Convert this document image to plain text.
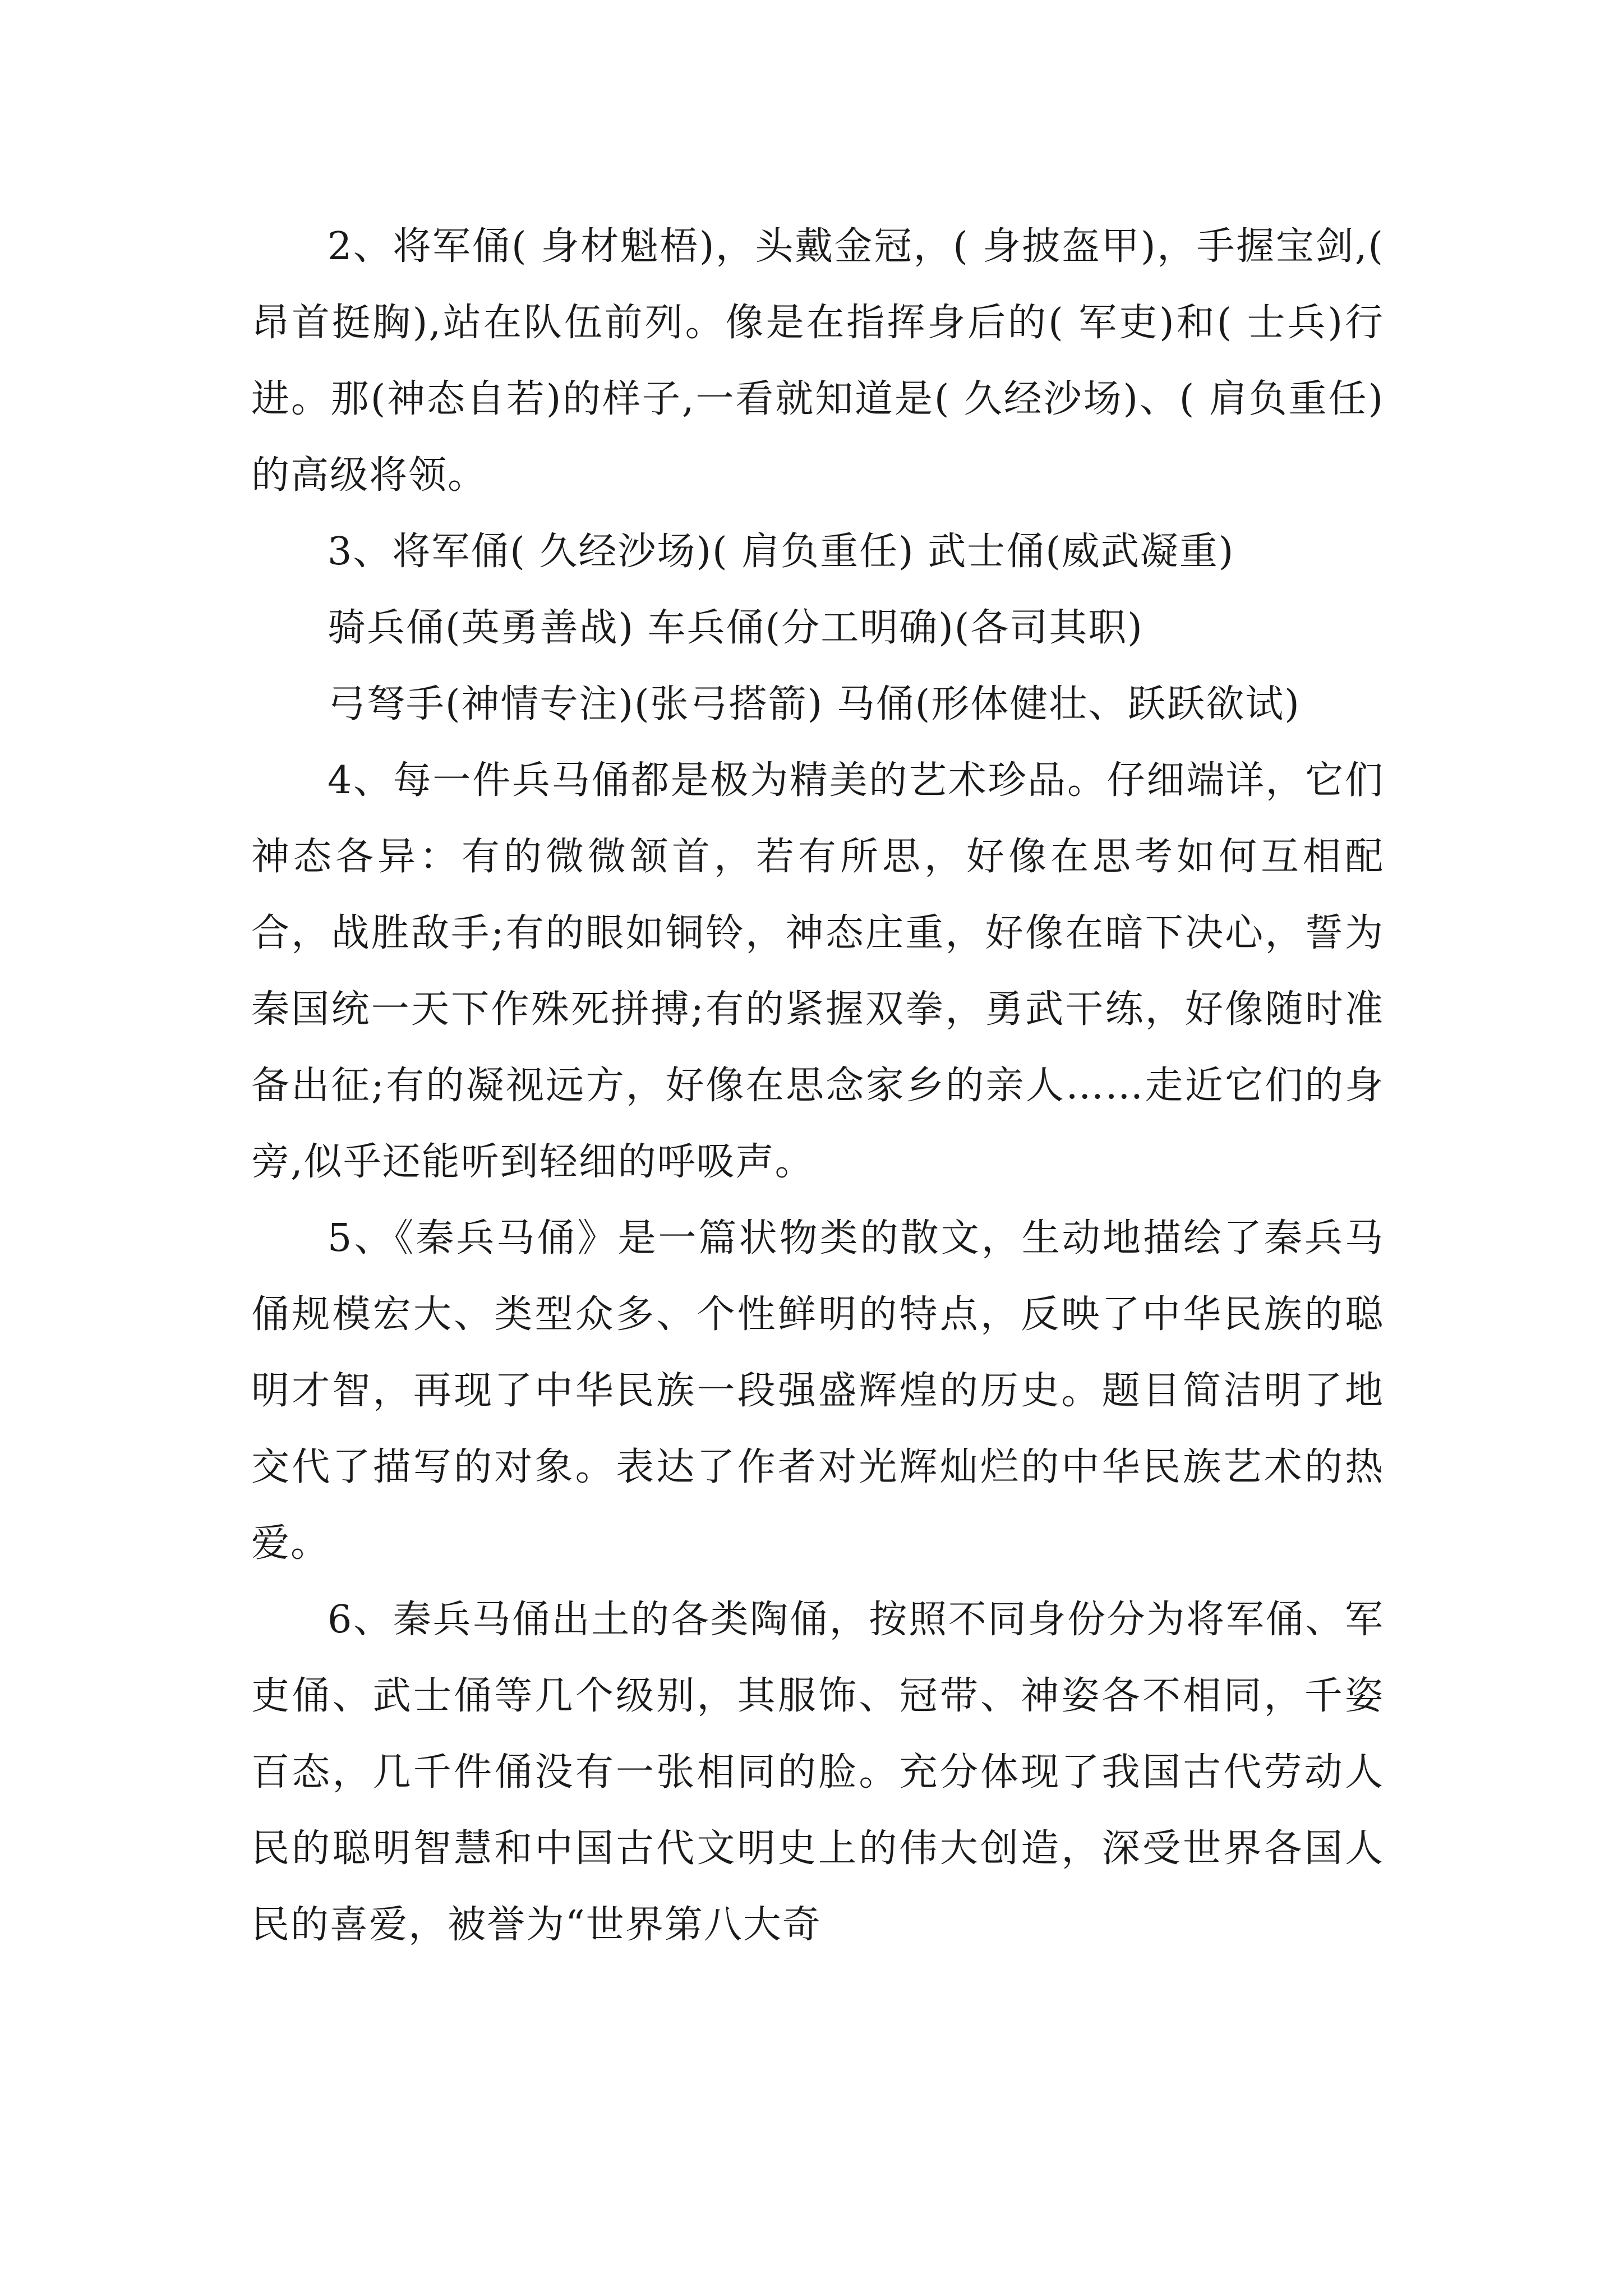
2、将军俑( 身材魁梧)，头戴金冠，( 身披盔甲)，手握宝剑,( 昂首挺胸),站在队伍前列。像是在指挥身后的( 军吏)和( 士兵)行进。那(神态自若)的样子,一看就知道是( 久经沙场)、( 肩负重任)的高级将领。

3、将军俑( 久经沙场)( 肩负重任) 武士俑(威武凝重)

骑兵俑(英勇善战) 车兵俑(分工明确)(各司其职)

弓弩手(神情专注)(张弓搭箭) 马俑(形体健壮、跃跃欲试)

4、每一件兵马俑都是极为精美的艺术珍品。仔细端详，它们神态各异：有的微微颔首，若有所思，好像在思考如何互相配合，战胜敌手;有的眼如铜铃，神态庄重，好像在暗下决心，誓为秦国统一天下作殊死拼搏;有的紧握双拳，勇武干练，好像随时准备出征;有的凝视远方，好像在思念家乡的亲人……走近它们的身旁,似乎还能听到轻细的呼吸声。

5、《秦兵马俑》是一篇状物类的散文，生动地描绘了秦兵马俑规模宏大、类型众多、个性鲜明的特点，反映了中华民族的聪明才智，再现了中华民族一段强盛辉煌的历史。题目简洁明了地交代了描写的对象。表达了作者对光辉灿烂的中华民族艺术的热爱。

6、秦兵马俑出土的各类陶俑，按照不同身份分为将军俑、军吏俑、武士俑等几个级别，其服饰、冠带、神姿各不相同，千姿百态，几千件俑没有一张相同的脸。充分体现了我国古代劳动人民的聪明智慧和中国古代文明史上的伟大创造，深受世界各国人民的喜爱，被誉为“世界第八大奇
